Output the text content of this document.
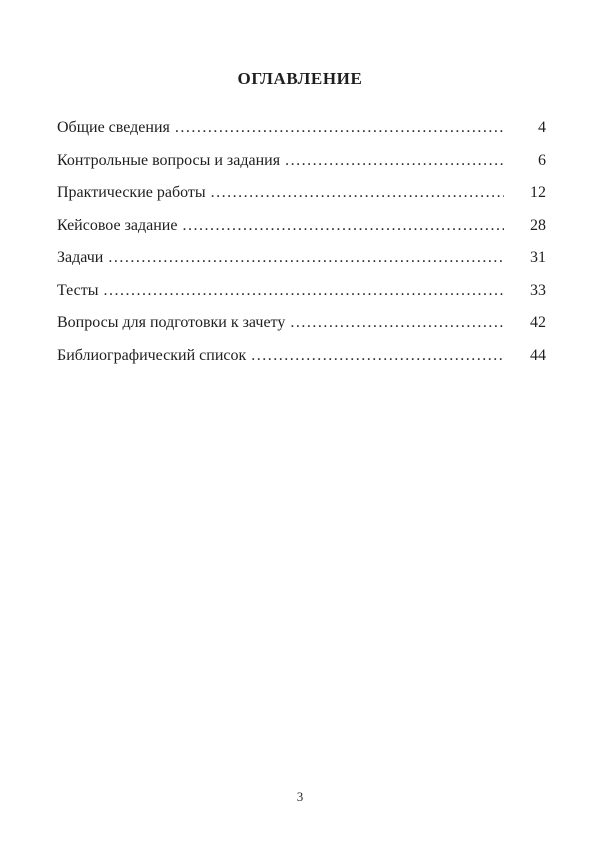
ОГЛАВЛЕНИЕ
Общие сведения .....	4
Контрольные вопросы и задания .....	6
Практические работы .....	12
Кейсовое задание .....	28
Задачи .....	31
Тесты .....	33
Вопросы для подготовки к зачету .....	42
Библиографический список .....	44
3
